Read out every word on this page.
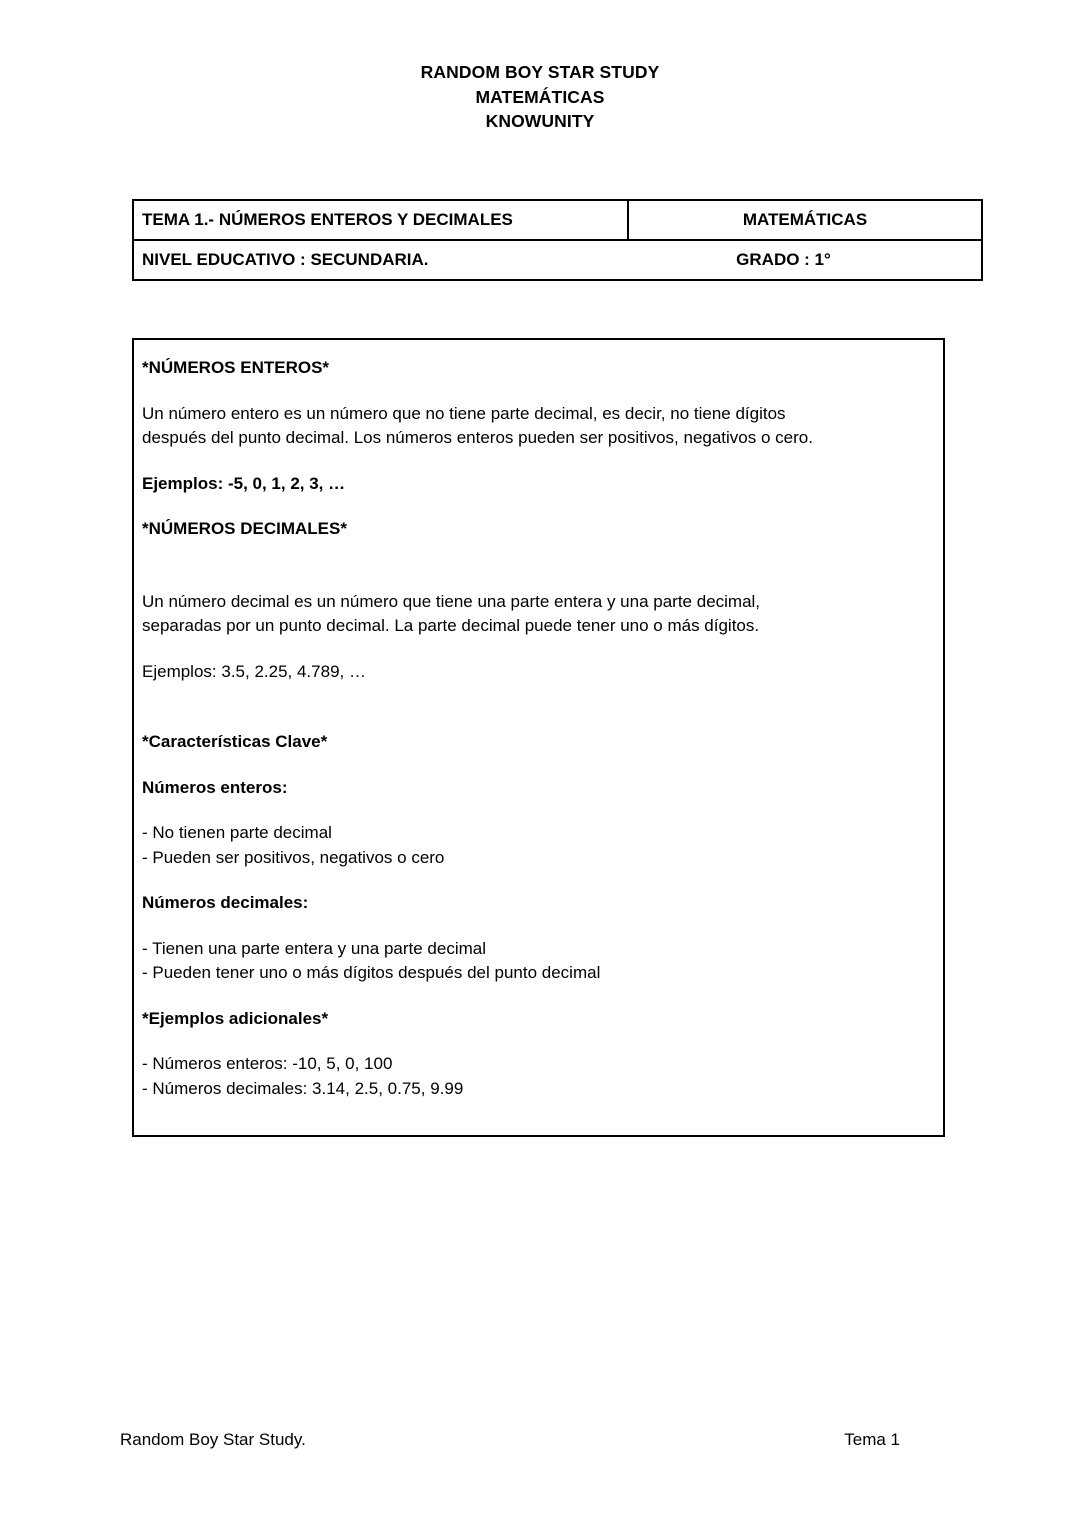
RANDOM BOY STAR STUDY
MATEMÁTICAS
KNOWUNITY
TEMA 1.- NÚMEROS ENTEROS Y DECIMALES	MATEMÁTICAS

NIVEL EDUCATIVO : SECUNDARIA.	GRADO : 1°
*NÚMEROS ENTEROS*
Un número entero es un número que no tiene parte decimal, es decir, no tiene dígitos
después del punto decimal. Los números enteros pueden ser positivos, negativos o cero.
Ejemplos: -5, 0, 1, 2, 3, …
*NÚMEROS DECIMALES*
Un número decimal es un número que tiene una parte entera y una parte decimal,
separadas por un punto decimal. La parte decimal puede tener uno o más dígitos.
Ejemplos: 3.5, 2.25, 4.789, …
*Características Clave*
Números enteros:
- No tienen parte decimal
- Pueden ser positivos, negativos o cero
Números decimales:
- Tienen una parte entera y una parte decimal
- Pueden tener uno o más dígitos después del punto decimal
*Ejemplos adicionales*
- Números enteros: -10, 5, 0, 100
- Números decimales: 3.14, 2.5, 0.75, 9.99
Random Boy Star Study.	Tema 1
